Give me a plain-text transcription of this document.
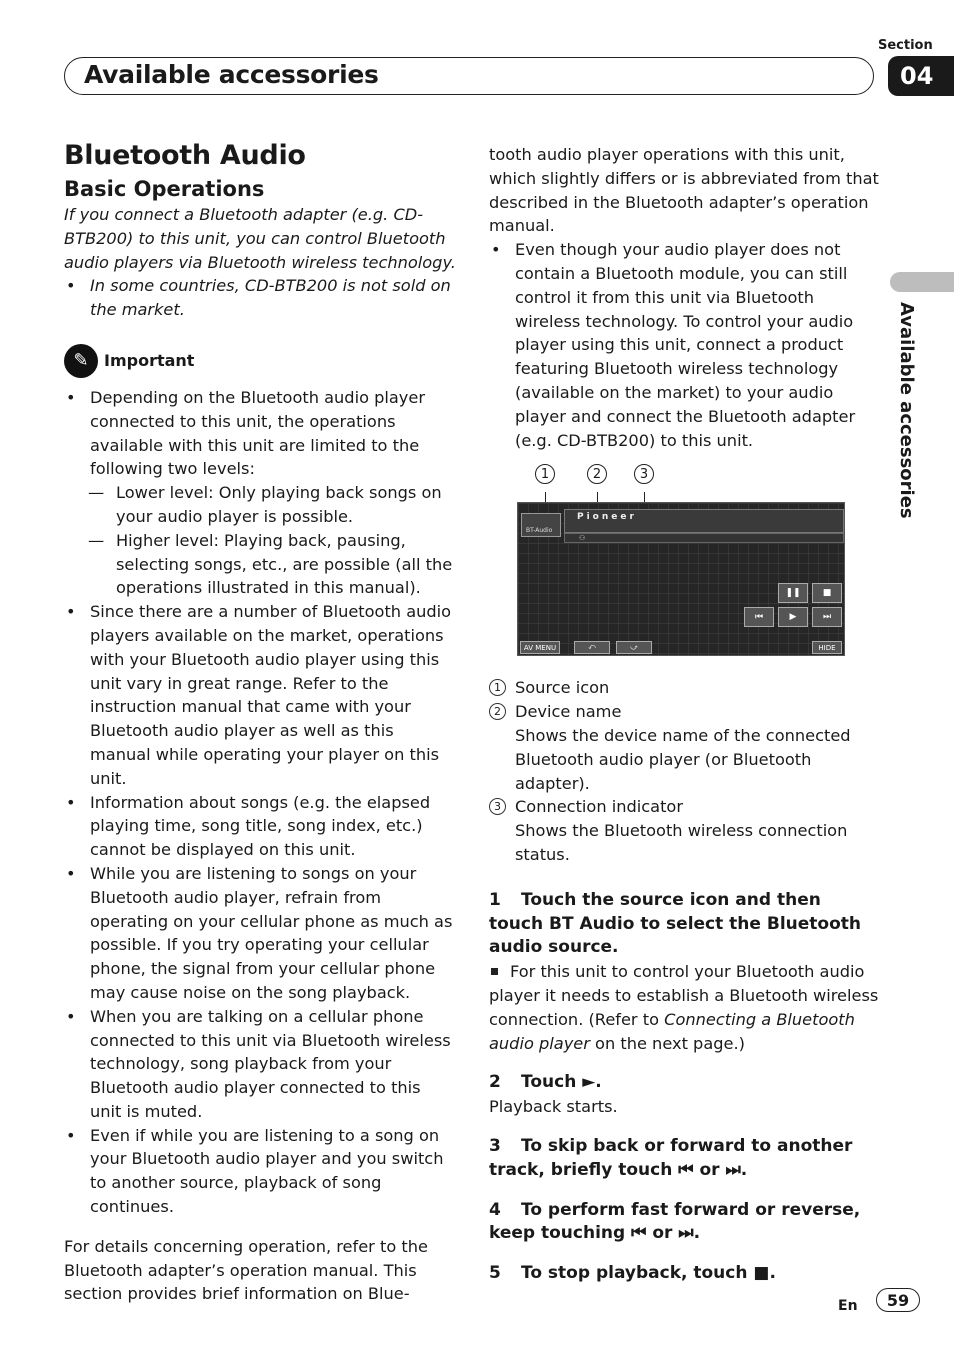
Section
Available accessories	04
Available accessories
Bluetooth Audio
Basic Operations

If you connect a Bluetooth adapter (e.g. CD-BTB200) to this unit, you can control Bluetooth audio players via Bluetooth wireless technology.

• In some countries, CD-BTB200 is not sold on the market.
✎ Important
• Depending on the Bluetooth audio player connected to this unit, the operations available with this unit are limited to the following two levels:
— Lower level: Only playing back songs on your audio player is possible.
— Higher level: Playing back, pausing, selecting songs, etc., are possible (all the operations illustrated in this manual).
• Since there are a number of Bluetooth audio players available on the market, operations with your Bluetooth audio player using this unit vary in great range. Refer to the instruction manual that came with your Bluetooth audio player as well as this manual while operating your player on this unit.
• Information about songs (e.g. the elapsed playing time, song title, song index, etc.) cannot be displayed on this unit.
• While you are listening to songs on your Bluetooth audio player, refrain from operating on your cellular phone as much as possible. If you try operating your cellular phone, the signal from your cellular phone may cause noise on the song playback.
• When you are talking on a cellular phone connected to this unit via Bluetooth wireless technology, song playback from your Bluetooth audio player connected to this unit is muted.
• Even if while you are listening to a song on your Bluetooth audio player and you switch to another source, playback of song continues.

For details concerning operation, refer to the Bluetooth adapter’s operation manual. This section provides brief information on Blue-

tooth audio player operations with this unit, which slightly differs or is abbreviated from that described in the Bluetooth adapter’s operation manual.

• Even though your audio player does not contain a Bluetooth module, you can still control it from this unit via Bluetooth wireless technology. To control your audio player using this unit, connect a product featuring Bluetooth wireless technology (available on the market) to your audio player and connect the Bluetooth adapter (e.g. CD-BTB200) to this unit.
1	2	3
BT-Audio
Pioneer
⚇
❚❚	■
⏮	▶	⏭
AV MENU	⤺	⤻	HIDE
1 Source icon
2 Device name
Shows the device name of the connected Bluetooth audio player (or Bluetooth adapter).
3 Connection indicator
Shows the Bluetooth wireless connection status.

1 Touch the source icon and then touch BT Audio to select the Bluetooth audio source.

For this unit to control your Bluetooth audio player it needs to establish a Bluetooth wireless connection. (Refer to Connecting a Bluetooth audio player on the next page.)

2 Touch ►.

Playback starts.

3 To skip back or forward to another track, briefly touch ⏮ or ⏭.

4 To perform fast forward or reverse, keep touching ⏮ or ⏭.

5 To stop playback, touch ■.

En	59
